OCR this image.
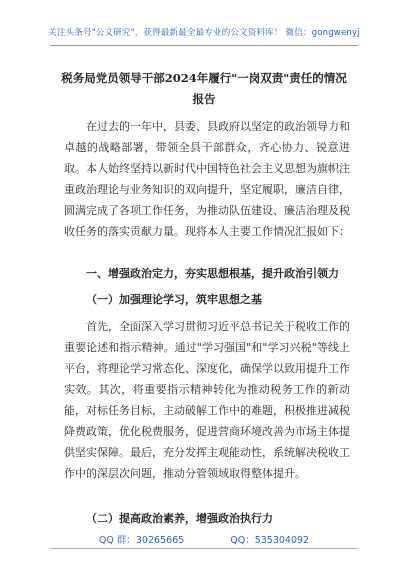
关注头条号"公文研究"，获得最新最全最专业的公文资料库！ 微信：gongwenyj
税务局党员领导干部2024年履行"一岗双责"责任的情况报告

在过去的一年中，县委、县政府以坚定的政治领导力和卓越的战略部署，带领全县干部群众，齐心协力、锐意进取。本人始终坚持以新时代中国特色社会主义思想为旗帜注重政治理论与业务知识的双向提升，坚定履职，廉洁自律，圆满完成了各项工作任务，为推动队伍建设、廉洁治理及税收任务的落实贡献力量。现将本人主要工作情况汇报如下：

一、增强政治定力，夯实思想根基，提升政治引领力
（一）加强理论学习，筑牢思想之基

首先，全面深入学习贯彻习近平总书记关于税收工作的重要论述和指示精神。通过"学习强国"和"学习兴税"等线上平台，将理论学习常态化、深度化，确保学以致用提升工作实效。其次，将重要指示精神转化为推动税务工作的新动能，对标任务目标，主动破解工作中的难题，积极推进减税降费政策，优化税费服务，促进营商环境改善为市场主体提供坚实保障。最后，充分发挥主观能动性，系统解决税收工作中的深层次问题，推动分管领域取得整体提升。

（二）提高政治素养，增强政治执行力
QQ 群：30265665	QQ：535304092
